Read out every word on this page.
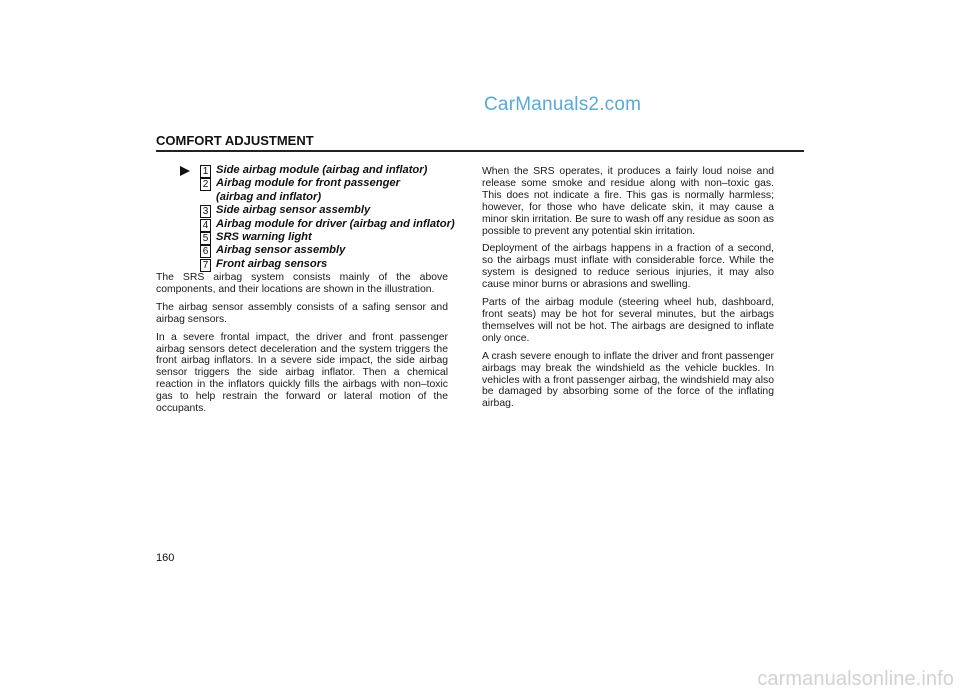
CarManuals2.com
COMFORT ADJUSTMENT
1 Side airbag module (airbag and inflator)
2 Airbag module for front passenger
(airbag and inflator)
3 Side airbag sensor assembly
4 Airbag module for driver (airbag and inflator)
5 SRS warning light
6 Airbag sensor assembly
7 Front airbag sensors

The SRS airbag system consists mainly of the above components, and their locations are shown in the illustration.

The airbag sensor assembly consists of a safing sensor and airbag sensors.

In a severe frontal impact, the driver and front passenger airbag sensors detect deceleration and the system triggers the front airbag inflators. In a severe side impact, the side airbag sensor triggers the side airbag inflator. Then a chemical reaction in the inflators quickly fills the airbags with non–toxic gas to help restrain the forward or lateral motion of the occupants.

When the SRS operates, it produces a fairly loud noise and release some smoke and residue along with non–toxic gas. This does not indicate a fire. This gas is normally harmless; however, for those who have delicate skin, it may cause a minor skin irritation. Be sure to wash off any residue as soon as possible to prevent any potential skin irritation.

Deployment of the airbags happens in a fraction of a second, so the airbags must inflate with considerable force. While the system is designed to reduce serious injuries, it may also cause minor burns or abrasions and swelling.

Parts of the airbag module (steering wheel hub, dashboard, front seats) may be hot for several minutes, but the airbags themselves will not be hot. The airbags are designed to inflate only once.

A crash severe enough to inflate the driver and front passenger airbags may break the windshield as the vehicle buckles. In vehicles with a front passenger airbag, the windshield may also be damaged by absorbing some of the force of the inflating airbag.

160
carmanualsonline.info
